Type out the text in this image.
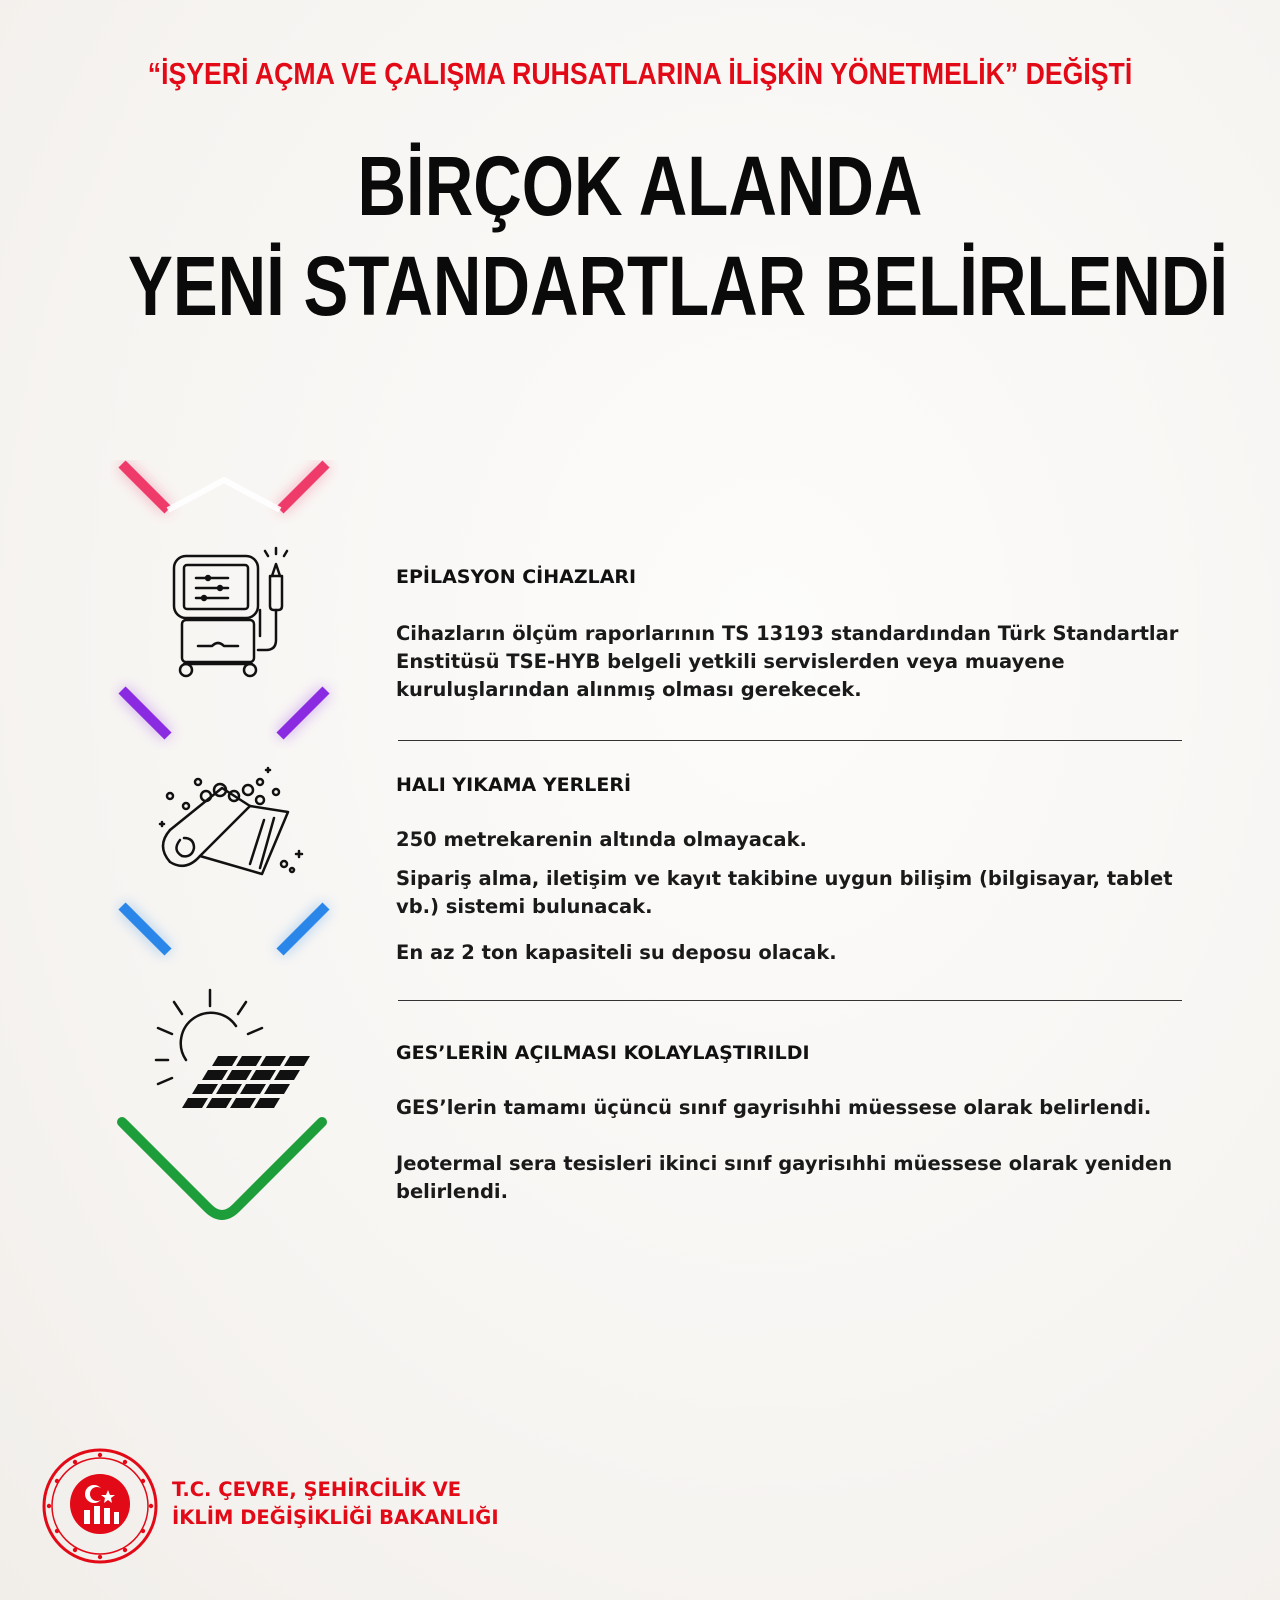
“İŞYERİ AÇMA VE ÇALIŞMA RUHSATLARINA İLİŞKİN YÖNETMELİK” DEĞİŞTİ
BİRÇOK ALANDA
YENİ STANDARTLAR BELİRLENDİ

EPİLASYON CİHAZLARI

Cihazların ölçüm raporlarının TS 13193 standardından Türk Standartlar Enstitüsü TSE-HYB belgeli yetkili servislerden veya muayene kuruluşlarından alınmış olması gerekecek.

HALI YIKAMA YERLERİ

250 metrekarenin altında olmayacak.

Sipariş alma, iletişim ve kayıt takibine uygun bilişim (bilgisayar, tablet vb.) sistemi bulunacak.

En az 2 ton kapasiteli su deposu olacak.

GES’LERİN AÇILMASI KOLAYLAŞTIRILDI

GES’lerin tamamı üçüncü sınıf gayrisıhhi müessese olarak belirlendi.

Jeotermal sera tesisleri ikinci sınıf gayrisıhhi müessese olarak yeniden belirlendi.

T.C. ÇEVRE, ŞEHİRCİLİK VE
İKLİM DEĞİŞİKLİĞİ BAKANLIĞI
